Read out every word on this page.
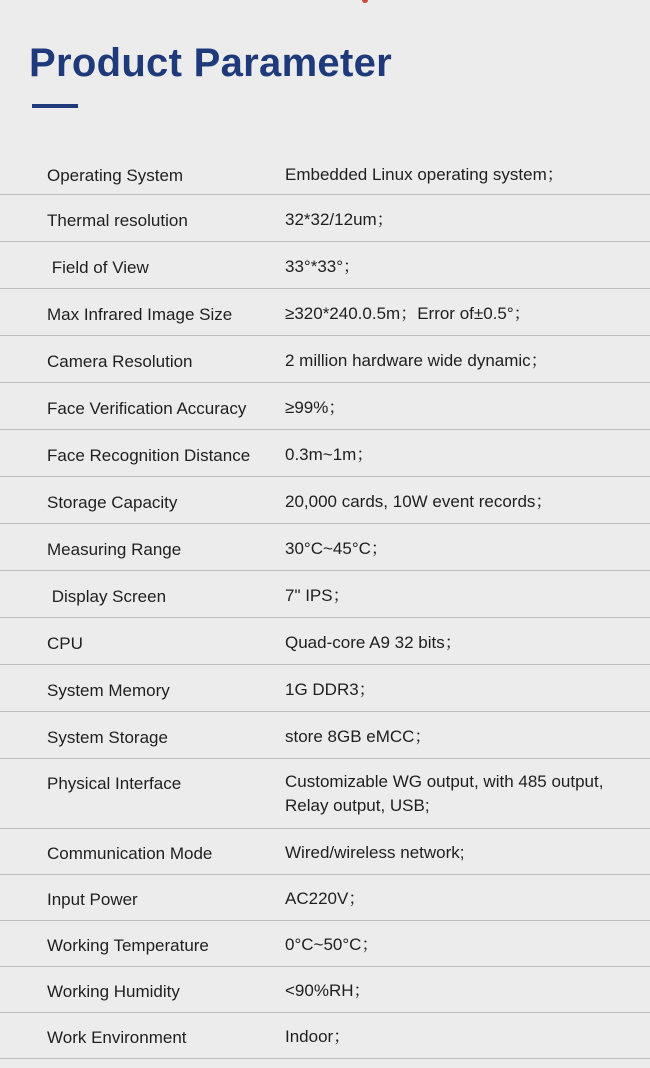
Product Parameter
Operating System	Embedded Linux operating system；
Thermal resolution	32*32/12um；
Field of View	33°*33°；
Max Infrared Image Size	≥320*240.0.5m；Error of±0.5°；
Camera Resolution	2 million hardware wide dynamic；
Face Verification Accuracy ≥99%；
Face Recognition Distance 0.3m~1m；
Storage Capacity	20,000 cards, 10W event records；
Measuring Range	30°C~45°C；
Display Screen	7" IPS；
CPU	Quad-core A9 32 bits；
System Memory	1G DDR3；
System Storage	store 8GB eMCC；
Physical Interface	Customizable WG output, with 485 output, Relay output, USB;
Communication Mode	Wired/wireless network;
Input Power	AC220V；
Working Temperature	0°C~50°C；
Working Humidity	<90%RH；
Work Environment	Indoor；
